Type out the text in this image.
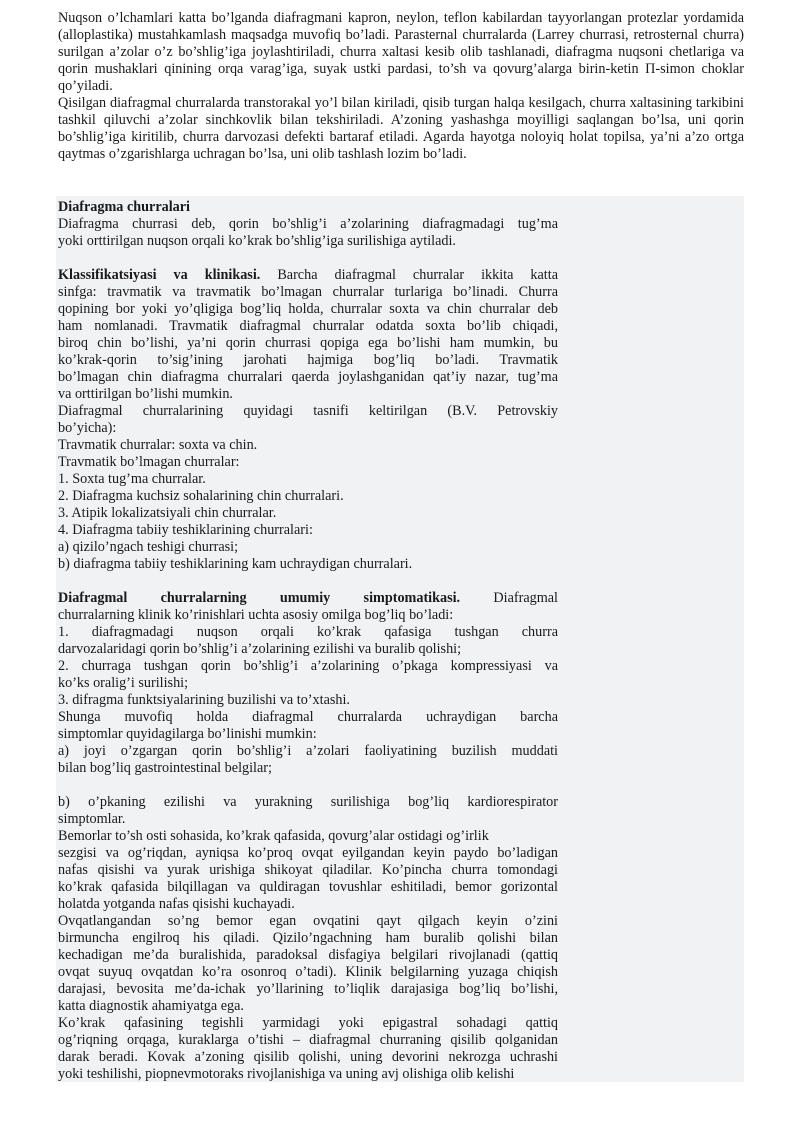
Nuqson o’lchamlari katta bo’lganda diafragmani kapron, neylon, teflon kabilardan tayyorlangan protezlar yordamida (alloplastika) mustahkamlash maqsadga muvofiq bo’ladi. Parasternal churralarda (Larrey churrasi, retrosternal churra) surilgan a’zolar o’z bo’shlig’iga joylashtiriladi, churra xaltasi kesib olib tashlanadi, diafragma nuqsoni chetlariga va qorin mushaklari qinining orqa varag’iga, suyak ustki pardasi, to’sh va qovurg’alarga birin-ketin Π-simon choklar qo’yiladi.

Qisilgan diafragmal churralarda transtorakal yo’l bilan kiriladi, qisib turgan halqa kesilgach, churra xaltasining tarkibini tashkil qiluvchi a’zolar sinchkovlik bilan tekshiriladi. A’zoning yashashga moyilligi saqlangan bo’lsa, uni qorin bo’shlig’iga kiritilib, churra darvozasi defekti bartaraf etiladi. Agarda hayotga noloyiq holat topilsa, ya’ni a’zo ortga qaytmas o’zgarishlarga uchragan bo’lsa, uni olib tashlash lozim bo’ladi.

Diafragma churralari
Diafragma churrasi deb, qorin bo’shlig’i a’zolarining diafragmadagi tug’ma
yoki orttirilgan nuqson orqali ko’krak bo’shlig’iga surilishiga aytiladi.
Klassifikatsiyasi va klinikasi. Barcha diafragmal churralar ikkita katta
sinfga: travmatik va travmatik bo’lmagan churralar turlariga bo’linadi. Churra
qopining bor yoki yo’qligiga bog’liq holda, churralar soxta va chin churralar deb
ham nomlanadi. Travmatik diafragmal churralar odatda soxta bo’lib chiqadi,
biroq chin bo’lishi, ya’ni qorin churrasi qopiga ega bo’lishi ham mumkin, bu
ko’krak-qorin to’sig’ining jarohati hajmiga bog’liq bo’ladi. Travmatik
bo’lmagan chin diafragma churralari qaerda joylashganidan qat’iy nazar, tug’ma
va orttirilgan bo’lishi mumkin.
Diafragmal churralarining quyidagi tasnifi keltirilgan (B.V. Petrovskiy
bo’yicha):
Travmatik churralar: soxta va chin.
Travmatik bo’lmagan churralar:
1. Soxta tug’ma churralar.
2. Diafragma kuchsiz sohalarining chin churralari.
3. Atipik lokalizatsiyali chin churralar.
4. Diafragma tabiiy teshiklarining churralari:
a) qizilo’ngach teshigi churrasi;
b) diafragma tabiiy teshiklarining kam uchraydigan churralari.
Diafragmal churralarning umumiy simptomatikasi. Diafragmal
churralarning klinik ko’rinishlari uchta asosiy omilga bog’liq bo’ladi:
1. diafragmadagi nuqson orqali ko’krak qafasiga tushgan churra
darvozalaridagi qorin bo’shlig’i a’zolarining ezilishi va buralib qolishi;
2. churraga tushgan qorin bo’shlig’i a’zolarining o’pkaga kompressiyasi va
ko’ks oralig’i surilishi;
3. difragma funktsiyalarining buzilishi va to’xtashi.
Shunga muvofiq holda diafragmal churralarda uchraydigan barcha
simptomlar quyidagilarga bo’linishi mumkin:
a) joyi o’zgargan qorin bo’shlig’i a’zolari faoliyatining buzilish muddati
bilan bog’liq gastrointestinal belgilar;
b) o’pkaning ezilishi va yurakning surilishiga bog’liq kardiorespirator
simptomlar.
Bemorlar to’sh osti sohasida, ko’krak qafasida, qovurg’alar ostidagi og’irlik
sezgisi va og’riqdan, ayniqsa ko’proq ovqat eyilgandan keyin paydo bo’ladigan
nafas qisishi va yurak urishiga shikoyat qiladilar. Ko’pincha churra tomondagi
ko’krak qafasida bilqillagan va quldiragan tovushlar eshitiladi, bemor gorizontal
holatda yotganda nafas qisishi kuchayadi.
Ovqatlangandan so’ng bemor egan ovqatini qayt qilgach keyin o’zini
birmuncha engilroq his qiladi. Qizilo’ngachning ham buralib qolishi bilan
kechadigan me’da buralishida, paradoksal disfagiya belgilari rivojlanadi (qattiq
ovqat suyuq ovqatdan ko’ra osonroq o’tadi). Klinik belgilarning yuzaga chiqish
darajasi, bevosita me’da-ichak yo’llarining to’liqlik darajasiga bog’liq bo’lishi,
katta diagnostik ahamiyatga ega.
Ko’krak qafasining tegishli yarmidagi yoki epigastral sohadagi qattiq
og’riqning orqaga, kuraklarga o’tishi – diafragmal churraning qisilib qolganidan
darak beradi. Kovak a’zoning qisilib qolishi, uning devorini nekrozga uchrashi
yoki teshilishi, piopnevmotoraks rivojlanishiga va uning avj olishiga olib kelishi
